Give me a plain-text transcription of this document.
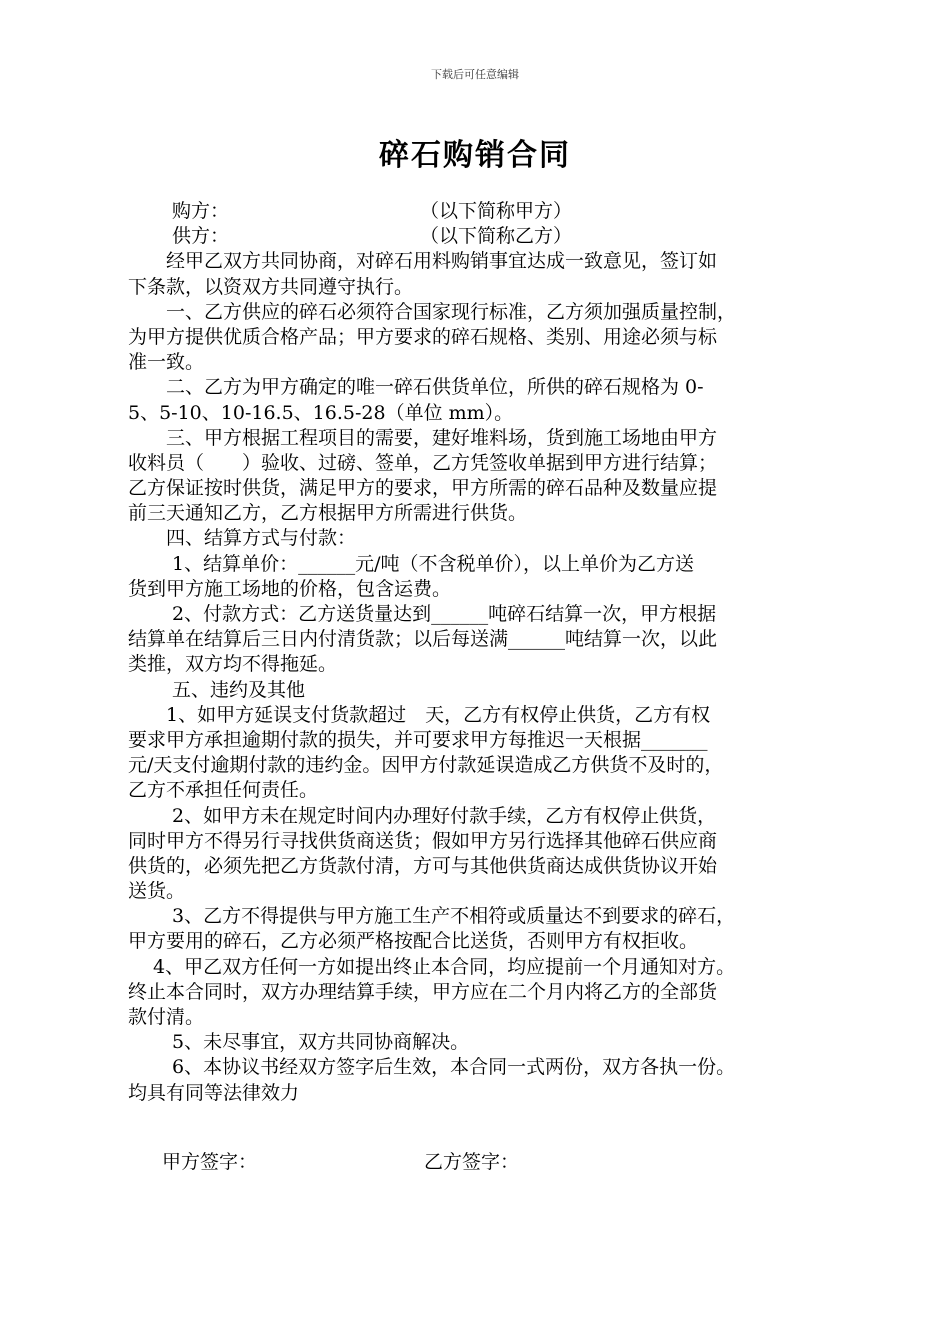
下载后可任意编辑
碎石购销合同
购方：	（以下简称甲方）
供方：	（以下简称乙方）
　　经甲乙双方共同协商，对碎石用料购销事宜达成一致意见，签订如
下条款，以资双方共同遵守执行。
　　一、乙方供应的碎石必须符合国家现行标准，乙方须加强质量控制，
为甲方提供优质合格产品；甲方要求的碎石规格、类别、用途必须与标
准一致。
　　二、乙方为甲方确定的唯一碎石供货单位，所供的碎石规格为 0-
5、5-10、10-16.5、16.5-28（单位 mm）。
　　三、甲方根据工程项目的需要，建好堆料场，货到施工场地由甲方
收料员（　　）验收、过磅、签单，乙方凭签收单据到甲方进行结算；
乙方保证按时供货，满足甲方的要求，甲方所需的碎石品种及数量应提
前三天通知乙方，乙方根据甲方所需进行供货。
　　四、结算方式与付款：
　　 1、结算单价：______元/吨（不含税单价），以上单价为乙方送
货到甲方施工场地的价格，包含运费。
　　 2、付款方式：乙方送货量达到______吨碎石结算一次，甲方根据
结算单在结算后三日内付清货款；以后每送满______吨结算一次，以此
类推，双方均不得拖延。
　　 五、违约及其他
　　1、如甲方延误支付货款超过　天，乙方有权停止供货，乙方有权
要求甲方承担逾期付款的损失，并可要求甲方每推迟一天根据_______
元/天支付逾期付款的违约金。因甲方付款延误造成乙方供货不及时的，
乙方不承担任何责任。
　　 2、如甲方未在规定时间内办理好付款手续，乙方有权停止供货，
同时甲方不得另行寻找供货商送货；假如甲方另行选择其他碎石供应商
供货的，必须先把乙方货款付清，方可与其他供货商达成供货协议开始
送货。
　　 3、乙方不得提供与甲方施工生产不相符或质量达不到要求的碎石，
甲方要用的碎石，乙方必须严格按配合比送货，否则甲方有权拒收。
　 4、甲乙双方任何一方如提出终止本合同，均应提前一个月通知对方。
终止本合同时，双方办理结算手续，甲方应在二个月内将乙方的全部货
款付清。
　　 5、未尽事宜，双方共同协商解决。
　　 6、本协议书经双方签字后生效，本合同一式两份，双方各执一份。
均具有同等法律效力
甲方签字：	乙方签字：
